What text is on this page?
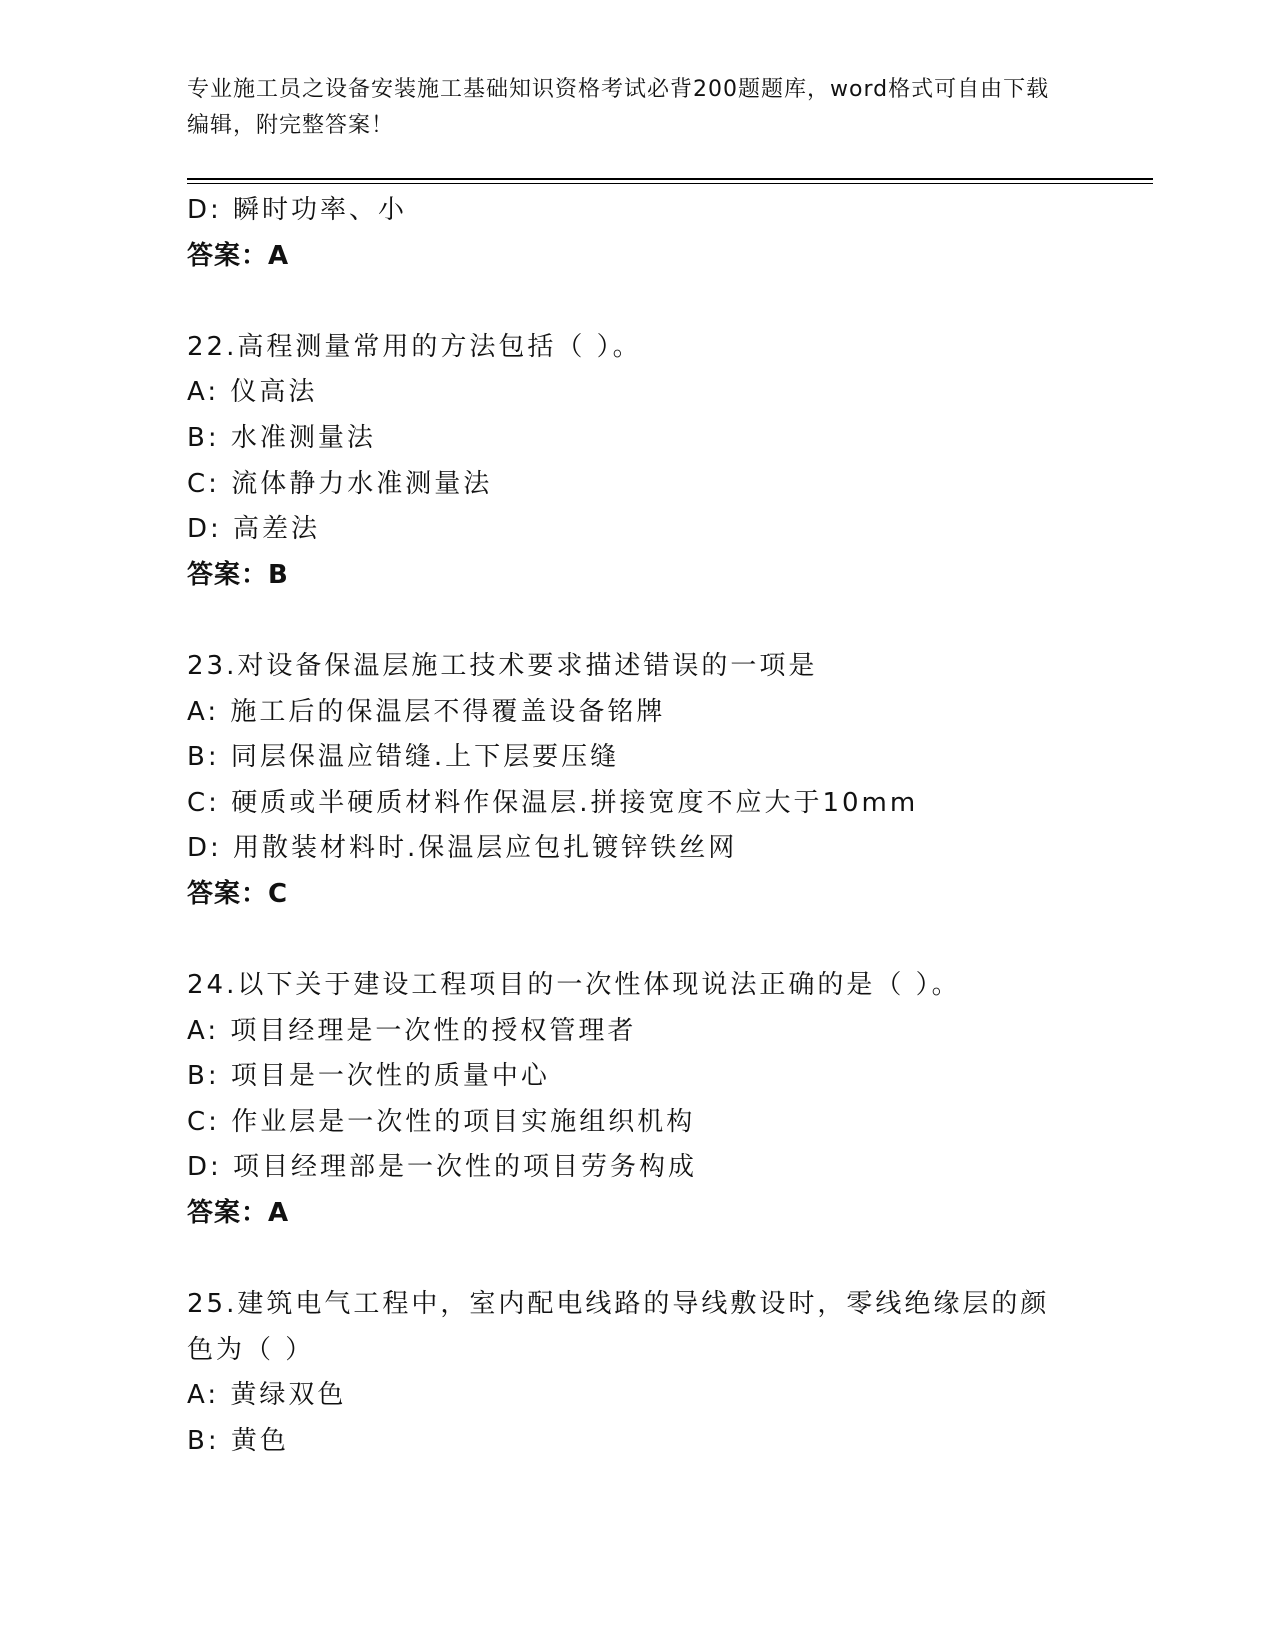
专业施工员之设备安装施工基础知识资格考试必背200题题库，word格式可自由下载编辑，附完整答案！
D: 瞬时功率、小
答案：A
22.高程测量常用的方法包括（ ）。
A: 仪高法
B: 水准测量法
C: 流体静力水准测量法
D: 高差法
答案：B
23.对设备保温层施工技术要求描述错误的一项是
A: 施工后的保温层不得覆盖设备铭牌
B: 同层保温应错缝.上下层要压缝
C: 硬质或半硬质材料作保温层.拼接宽度不应大于10mm
D: 用散装材料时.保温层应包扎镀锌铁丝网
答案：C
24.以下关于建设工程项目的一次性体现说法正确的是（ ）。
A: 项目经理是一次性的授权管理者
B: 项目是一次性的质量中心
C: 作业层是一次性的项目实施组织机构
D: 项目经理部是一次性的项目劳务构成
答案：A
25.建筑电气工程中，室内配电线路的导线敷设时，零线绝缘层的颜色为（ ）
A: 黄绿双色
B: 黄色
